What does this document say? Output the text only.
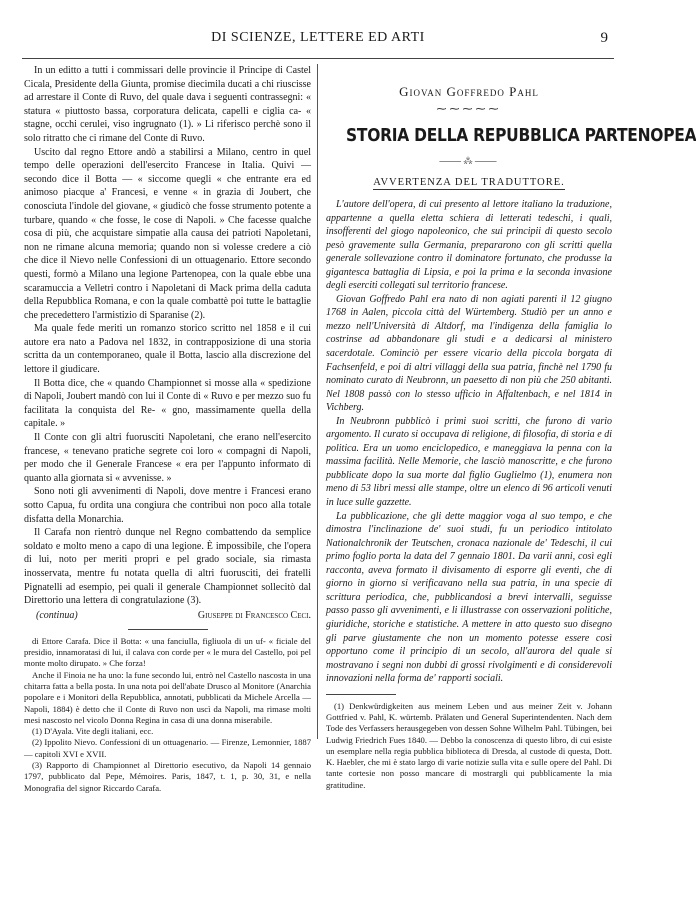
DI SCIENZE, LETTERE ED ARTI	9

In un editto a tutti i commissari delle provincie il Principe di Castel Cicala, Presidente della Giunta, promise diecimila ducati a chi riuscisse ad arrestare il Conte di Ruvo, del quale dava i seguenti contrassegni: « statura « piuttosto bassa, corporatura delicata, capelli e ciglia ca- « stagne, occhi cerulei, viso ingrugnato (1). » Li riferisco perchè sono il solo ritratto che ci rimane del Conte di Ruvo.

Uscito dal regno Ettore andò a stabilirsi a Milano, centro in quel tempo delle operazioni dell'esercito Francese in Italia. Quivi — secondo dice il Botta — « siccome quegli « che entrante era ed animoso piacque a' Francesi, e venne « in grazia di Joubert, che conosciuta l'indole del giovane, « giudicò che fosse strumento potente a turbare, quando « che fosse, le cose di Napoli. » Che facesse qualche cosa di più, che acquistare simpatie alla causa dei patrioti Napoletani, non ne rimane alcuna memoria; quando non si volesse credere a ciò che dice il Nievo nelle Confessioni di un ottuagenario. Ettore secondo questi, formò a Milano una legione Partenopea, con la quale ebbe una scaramuccia a Velletri contro i Napoletani di Mack prima della caduta della Repubblica Romana, e con la quale combattè poi tutte le battaglie che precedettero l'armistizio di Sparanise (2).

Ma quale fede meriti un romanzo storico scritto nel 1858 e il cui autore era nato a Padova nel 1832, in contrapposizione di una storia scritta da un contemporaneo, quale il Botta, lascio alla discrezione del lettore il giudicare.

Il Botta dice, che « quando Championnet si mosse alla « spedizione di Napoli, Joubert mandò con lui il Conte di « Ruvo e per mezzo suo fu facilitata la conquista del Re- « gno, massimamente quella della capitale. »

Il Conte con gli altri fuorusciti Napoletani, che erano nell'esercito francese, « tenevano pratiche segrete coi loro « compagni di Napoli, per modo che il Generale Francese « era per l'appunto informato di quanto alla giornata si « avvenisse. »

Sono noti gli avvenimenti di Napoli, dove mentre i Francesi erano sotto Capua, fu ordita una congiura che contribuì non poco alla totale disfatta della Monarchia.

Il Carafa non rientrò dunque nel Regno combattendo da semplice soldato e molto meno a capo di una legione. È impossibile, che l'opera di lui, noto per meriti propri e pel grado sociale, sia rimasta inosservata, mentre fu notata quella di altri fuorusciti, dei fratelli Pignatelli ad esempio, pei quali il generale Championnet sollecitò dal Direttorio una lettera di congratulazione (3).

(continua)	Giuseppe di Francesco Ceci.

di Ettore Carafa. Dice il Botta: « una fanciulla, figliuola di un uf- « ficiale del presidio, innamoratasi di lui, il calava con corde per « le mura del Castello, poi pel monte molto dirupato. » Che forza!

Anche il Finoia ne ha uno: la fune secondo lui, entrò nel Castello nascosta in una chitarra fatta a bella posta. In una nota poi dell'abate Drusco al Monitore (Anarchia popolare e i Monitori della Repubblica, annotati, pubblicati da Michele Arcella — Napoli, 1884) è detto che il Conte di Ruvo non uscì da Napoli, ma rimase molti mesi nascosto nel vicolo Donna Regina in casa di una donna miserabile.

(1) D'Ayala. Vite degli italiani, ecc.

(2) Ippolito Nievo. Confessioni di un ottuagenario. — Firenze, Lemonnier, 1887 — capitoli XVI e XVII.

(3) Rapporto di Championnet al Direttorio esecutivo, da Napoli 14 gennaio 1797, pubblicato dal Pepe, Mémoires. Paris, 1847, t. 1, p. 30, 31, e nella Monografia del signor Riccardo Carafa.

Giovan Goffredo Pahl
⁓⁓⁓⁓⁓
STORIA DELLA REPUBBLICA PARTENOPEA
⸻⁂⸻
AVVERTENZA DEL TRADUTTORE.

L'autore dell'opera, di cui presento al lettore italiano la traduzione, appartenne a quella eletta schiera di letterati tedeschi, i quali, insofferenti del giogo napoleonico, che sui principii di questo secolo pesò gravemente sulla Germania, prepararono con gli scritti quella generale sollevazione contro il dominatore fortunato, che produsse la gigantesca battaglia di Lipsia, e poi la prima e la seconda invasione degli eserciti collegati sul territorio francese.

Giovan Goffredo Pahl era nato di non agiati parenti il 12 giugno 1768 in Aalen, piccola città del Würtemberg. Studiò per un anno e mezzo nell'Università di Altdorf, ma l'indigenza della famiglia lo costrinse ad abbandonare gli studi e a dedicarsi al ministero sacerdotale. Cominciò per essere vicario della piccola borgata di Fachsenfeld, e poi di altri villaggi della sua patria, finchè nel 1790 fu nominato curato di Neubronn, un paesetto di non più che 250 abitanti. Nel 1808 passò con lo stesso ufficio in Affaltenbach, e nel 1814 in Vichberg.

In Neubronn pubblicò i primi suoi scritti, che furono di vario argomento. Il curato si occupava di religione, di filosofia, di storia e di politica. Era un uomo enciclopedico, e maneggiava la penna con la massima facilità. Nelle Memorie, che lasciò manoscritte, e che furono pubblicate dopo la sua morte dal figlio Guglielmo (1), enumera non meno di 53 libri messi alle stampe, oltre un elenco di 96 articoli venuti in luce sulle gazzette.

La pubblicazione, che gli dette maggior voga al suo tempo, e che dimostra l'inclinazione de' suoi studi, fu un periodico intitolato Nationalchronik der Teutschen, cronaca nazionale de' Tedeschi, il cui primo foglio porta la data del 7 gennaio 1801. Da varii anni, così egli racconta, aveva formato il divisamento di esporre gli eventi, che di giorno in giorno si verificavano nella sua patria, in una specie di scrittura periodica, che, pubblicandosi a brevi intervalli, seguisse passo passo gli avvenimenti, e li illustrasse con osservazioni politiche, giuridiche, storiche e statistiche. A mettere in atto questo suo disegno gli parve giustamente che non un momento potesse essere così opportuno come il principio di un secolo, all'aurora del quale si mostravano i segni non dubbi di grossi rivolgimenti e di considerevoli innovazioni nella forma de' rapporti sociali.

(1) Denkwürdigkeiten aus meinem Leben und aus meiner Zeit v. Johann Gottfried v. Pahl, K. würtemb. Prälaten und General Superintendenten. Nach dem Tode des Verfassers herausgegeben von dessen Sohne Wilhelm Pahl. Tübingen, bei Ludwig Friedrich Fues 1840. — Debbo la conoscenza di questo libro, di cui esiste un esemplare nella regia pubblica biblioteca di Dresda, al custode di questa, Dott. K. Haebler, che mi è stato largo di varie notizie sulla vita e sulle opere del Pahl. Di tante cortesie non posso mancare di mostrargli qui pubblicamente la mia gratitudine.
